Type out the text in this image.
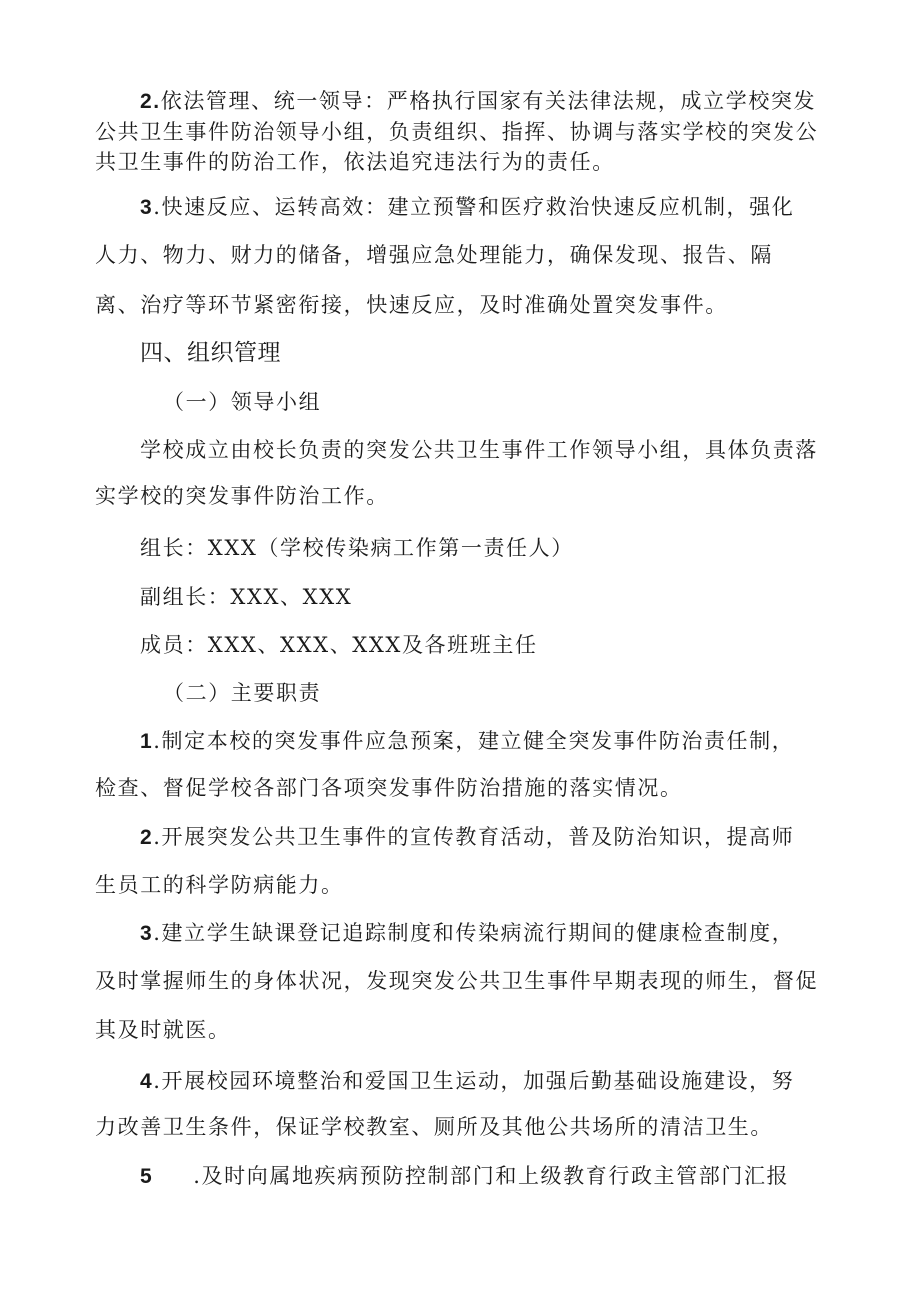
2.依法管理、统一领导：严格执行国家有关法律法规，成立学校突发
公共卫生事件防治领导小组，负责组织、指挥、协调与落实学校的突发公
共卫生事件的防治工作，依法追究违法行为的责任。
3.快速反应、运转高效：建立预警和医疗救治快速反应机制，强化
人力、物力、财力的储备，增强应急处理能力，确保发现、报告、隔
离、治疗等环节紧密衔接，快速反应，及时准确处置突发事件。
四、组织管理
（一）领导小组
学校成立由校长负责的突发公共卫生事件工作领导小组，具体负责落
实学校的突发事件防治工作。
组长：XXX（学校传染病工作第一责任人）
副组长：XXX、XXX
成员：XXX、XXX、XXX及各班班主任
（二）主要职责
1.制定本校的突发事件应急预案，建立健全突发事件防治责任制，
检查、督促学校各部门各项突发事件防治措施的落实情况。
2.开展突发公共卫生事件的宣传教育活动，普及防治知识，提高师
生员工的科学防病能力。
3.建立学生缺课登记追踪制度和传染病流行期间的健康检查制度，
及时掌握师生的身体状况，发现突发公共卫生事件早期表现的师生，督促
其及时就医。
4.开展校园环境整治和爱国卫生运动，加强后勤基础设施建设，努
力改善卫生条件，保证学校教室、厕所及其他公共场所的清洁卫生。
5 .及时向属地疾病预防控制部门和上级教育行政主管部门汇报
